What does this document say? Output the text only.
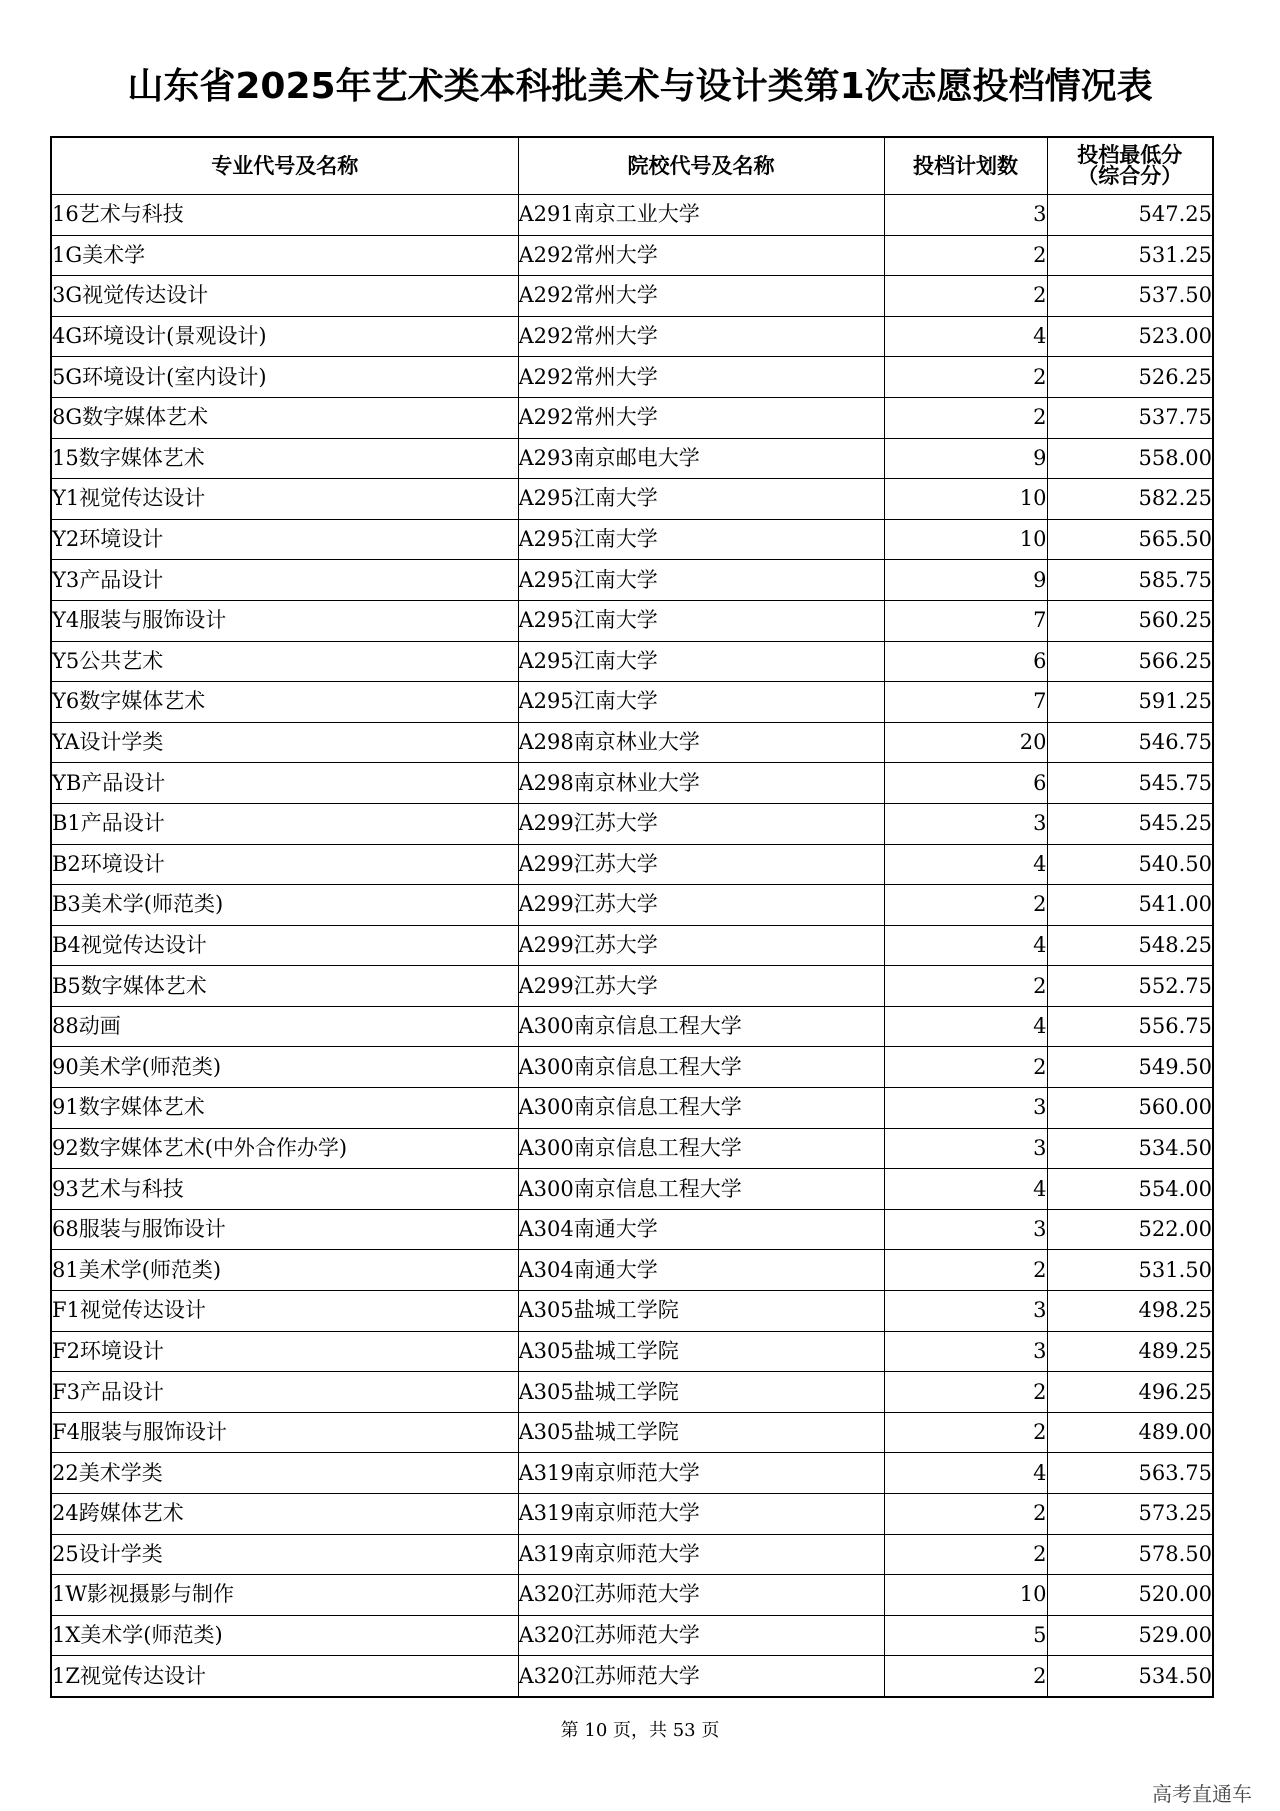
山东省2025年艺术类本科批美术与设计类第1次志愿投档情况表
专业代号及名称	院校代号及名称	投档计划数	投档最低分
（综合分）

16艺术与科技	A291南京工业大学	3	547.25
1G美术学	A292常州大学	2	531.25
3G视觉传达设计	A292常州大学	2	537.50
4G环境设计(景观设计)	A292常州大学	4	523.00
5G环境设计(室内设计)	A292常州大学	2	526.25
8G数字媒体艺术	A292常州大学	2	537.75
15数字媒体艺术	A293南京邮电大学	9	558.00
Y1视觉传达设计	A295江南大学	10	582.25
Y2环境设计	A295江南大学	10	565.50
Y3产品设计	A295江南大学	9	585.75
Y4服装与服饰设计	A295江南大学	7	560.25
Y5公共艺术	A295江南大学	6	566.25
Y6数字媒体艺术	A295江南大学	7	591.25
YA设计学类	A298南京林业大学	20	546.75
YB产品设计	A298南京林业大学	6	545.75
B1产品设计	A299江苏大学	3	545.25
B2环境设计	A299江苏大学	4	540.50
B3美术学(师范类)	A299江苏大学	2	541.00
B4视觉传达设计	A299江苏大学	4	548.25
B5数字媒体艺术	A299江苏大学	2	552.75
88动画	A300南京信息工程大学	4	556.75
90美术学(师范类)	A300南京信息工程大学	2	549.50
91数字媒体艺术	A300南京信息工程大学	3	560.00
92数字媒体艺术(中外合作办学)	A300南京信息工程大学	3	534.50
93艺术与科技	A300南京信息工程大学	4	554.00
68服装与服饰设计	A304南通大学	3	522.00
81美术学(师范类)	A304南通大学	2	531.50
F1视觉传达设计	A305盐城工学院	3	498.25
F2环境设计	A305盐城工学院	3	489.25
F3产品设计	A305盐城工学院	2	496.25
F4服装与服饰设计	A305盐城工学院	2	489.00
22美术学类	A319南京师范大学	4	563.75
24跨媒体艺术	A319南京师范大学	2	573.25
25设计学类	A319南京师范大学	2	578.50
1W影视摄影与制作	A320江苏师范大学	10	520.00
1X美术学(师范类)	A320江苏师范大学	5	529.00
1Z视觉传达设计	A320江苏师范大学	2	534.50
第 10 页，共 53 页
高考直通车
